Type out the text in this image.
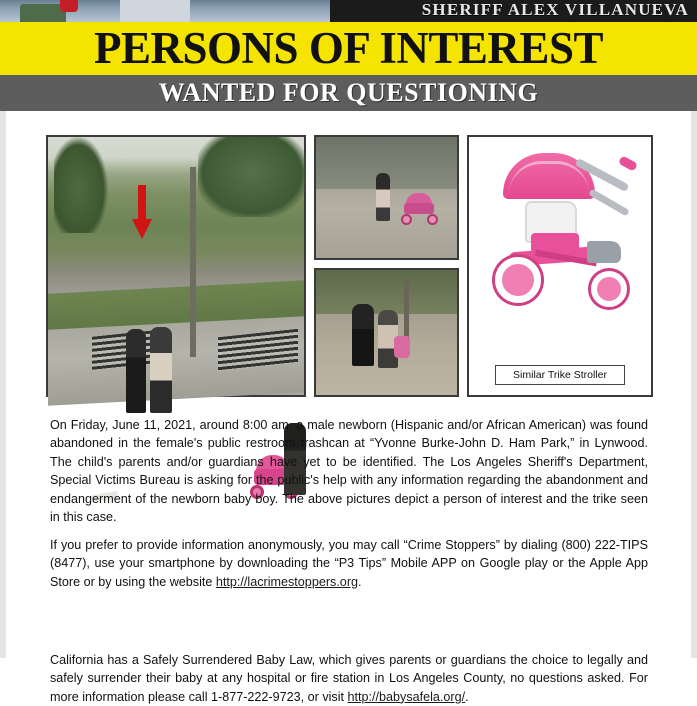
SHERIFF ALEX VILLANUEVA
PERSONS OF INTEREST
WANTED FOR QUESTIONING
Similar Trike Stroller
On Friday, June 11, 2021, around 8:00 am, a male newborn (Hispanic and/or African American) was found abandoned in the female's public restroom trashcan at “Yvonne Burke-John D. Ham Park,” in Lynwood. The child's parents and/or guardians have yet to be identified. The Los Angeles Sheriff's Department, Special Victims Bureau is asking for the public's help with any information regarding the abandonment and endangerment of the newborn baby boy. The above pictures depict a person of interest and the trike seen in this case.
If you prefer to provide information anonymously, you may call “Crime Stoppers” by dialing (800) 222-TIPS (8477), use your smartphone by downloading the “P3 Tips” Mobile APP on Google play or the Apple App Store or by using the website http://lacrimestoppers.org.
California has a Safely Surrendered Baby Law, which gives parents or guardians the choice to legally and safely surrender their baby at any hospital or fire station in Los Angeles County, no questions asked. For more information please call 1-877-222-9723, or visit http://babysafela.org/.
